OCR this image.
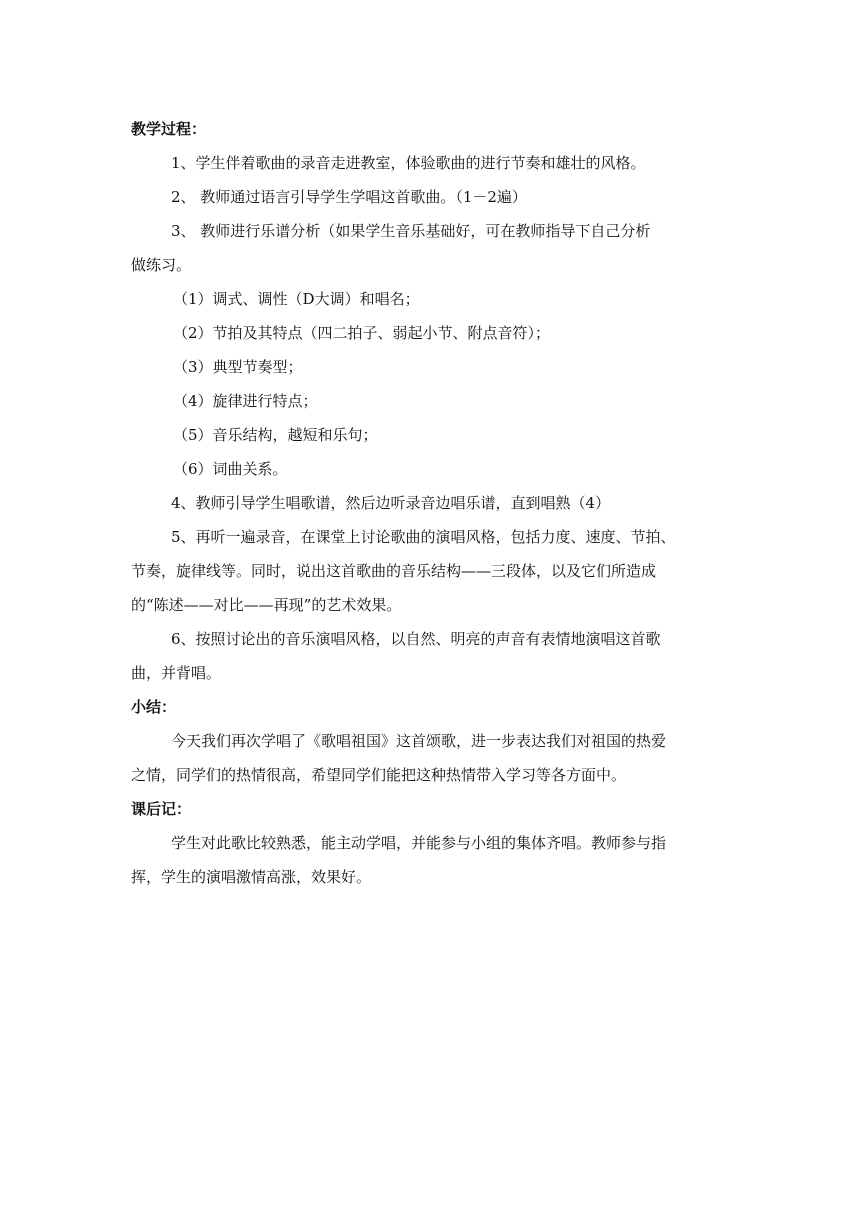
教学过程：
1、学生伴着歌曲的录音走进教室，体验歌曲的进行节奏和雄壮的风格。
2、 教师通过语言引导学生学唱这首歌曲。（1－2遍）
3、 教师进行乐谱分析（如果学生音乐基础好，可在教师指导下自己分析
做练习。
（1）调式、调性（D大调）和唱名；
（2）节拍及其特点（四二拍子、弱起小节、附点音符）；
（3）典型节奏型；
（4）旋律进行特点；
（5）音乐结构，越短和乐句；
（6）词曲关系。
4、教师引导学生唱歌谱，然后边听录音边唱乐谱，直到唱熟（4）
5、再听一遍录音，在课堂上讨论歌曲的演唱风格，包括力度、速度、节拍、
节奏，旋律线等。同时，说出这首歌曲的音乐结构——三段体，以及它们所造成
的“陈述——对比——再现”的艺术效果。
6、按照讨论出的音乐演唱风格，以自然、明亮的声音有表情地演唱这首歌
曲，并背唱。
小结：
今天我们再次学唱了《歌唱祖国》这首颂歌，进一步表达我们对祖国的热爱
之情，同学们的热情很高，希望同学们能把这种热情带入学习等各方面中。
课后记：
学生对此歌比较熟悉，能主动学唱，并能参与小组的集体齐唱。教师参与指
挥，学生的演唱激情高涨，效果好。
